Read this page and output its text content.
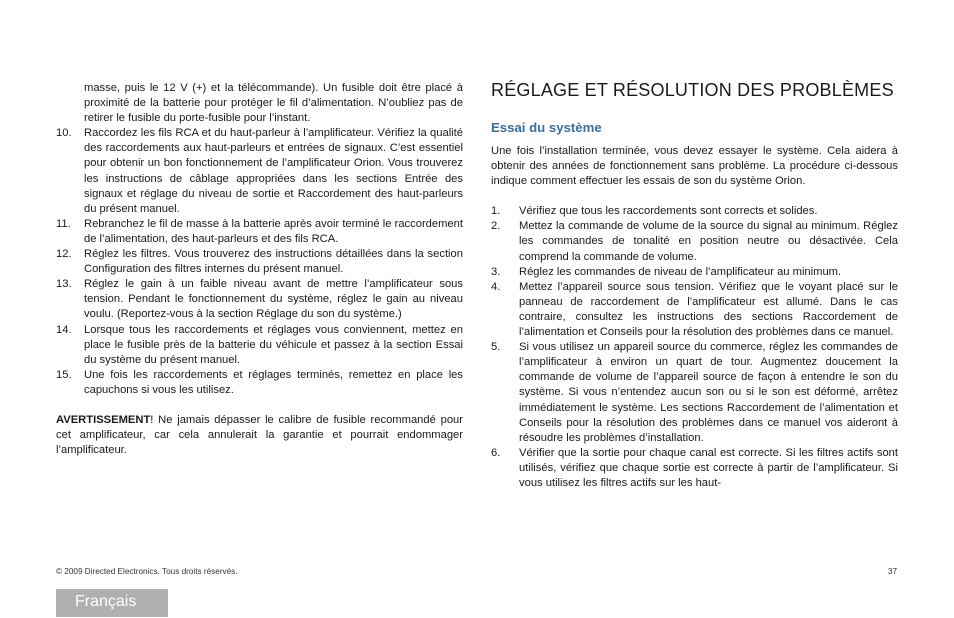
masse, puis le 12 V (+) et la télécommande). Un fusible doit être placé à proximité de la batterie pour protéger le fil d’alimentation. N’oubliez pas de retirer le fusible du porte-fusible pour l’instant.
10.	Raccordez les fils RCA et du haut-parleur à l’amplificateur. Vérifiez la qualité des raccordements aux haut-parleurs et entrées de signaux. C’est essentiel pour obtenir un bon fonctionnement de l’amplificateur Orion. Vous trouverez les instructions de câblage appropriées dans les sections Entrée des signaux et réglage du niveau de sortie et Raccordement des haut-parleurs du présent manuel.
11.	Rebranchez le fil de masse à la batterie après avoir terminé le raccordement de l’alimentation, des haut-parleurs et des fils RCA.
12.	Réglez les filtres. Vous trouverez des instructions détaillées dans la section Configuration des filtres internes du présent manuel.
13.	Réglez le gain à un faible niveau avant de mettre l’amplificateur sous tension. Pendant le fonctionnement du système, réglez le gain au niveau voulu. (Reportez-vous à la section Réglage du son du système.)
14.	Lorsque tous les raccordements et réglages vous conviennent, mettez en place le fusible près de la batterie du véhicule et passez à la section Essai du système du présent manuel.
15.	Une fois les raccordements et réglages terminés, remettez en place les capuchons si vous les utilisez.
AVERTISSEMENT! Ne jamais dépasser le calibre de fusible recommandé pour cet amplificateur, car cela annulerait la garantie et pourrait endommager l’amplificateur.
RÉGLAGE ET RÉSOLUTION DES PROBLÈMES
Essai du système
Une fois l’installation terminée, vous devez essayer le système. Cela aidera à obtenir des années de fonctionnement sans problème. La procédure ci-dessous indique comment effectuer les essais de son du système Orion.
1.	Vérifiez que tous les raccordements sont corrects et solides.
2.	Mettez la commande de volume de la source du signal au minimum. Réglez les commandes de tonalité en position neutre ou désactivée. Cela comprend la commande de volume.
3.	Réglez les commandes de niveau de l’amplificateur au minimum.
4.	Mettez l’appareil source sous tension. Vérifiez que le voyant placé sur le panneau de raccordement de l’amplificateur est allumé. Dans le cas contraire, consultez les instructions des sections Raccordement de l’alimentation et Conseils pour la résolution des problèmes dans ce manuel.
5.	Si vous utilisez un appareil source du commerce, réglez les commandes de l’amplificateur à environ un quart de tour. Augmentez doucement la commande de volume de l’appareil source de façon à entendre le son du système. Si vous n’entendez aucun son ou si le son est déformé, arrêtez immédiatement le système. Les sections Raccordement de l’alimentation et Conseils pour la résolution des problèmes dans ce manuel vos aideront à résoudre les problèmes d’installation.
6.	Vérifier que la sortie pour chaque canal est correcte. Si les filtres actifs sont utilisés, vérifiez que chaque sortie est correcte à partir de l’amplificateur. Si vous utilisez les filtres actifs sur les haut-
© 2009 Directed Electronics. Tous droits réservés.	37
Français
